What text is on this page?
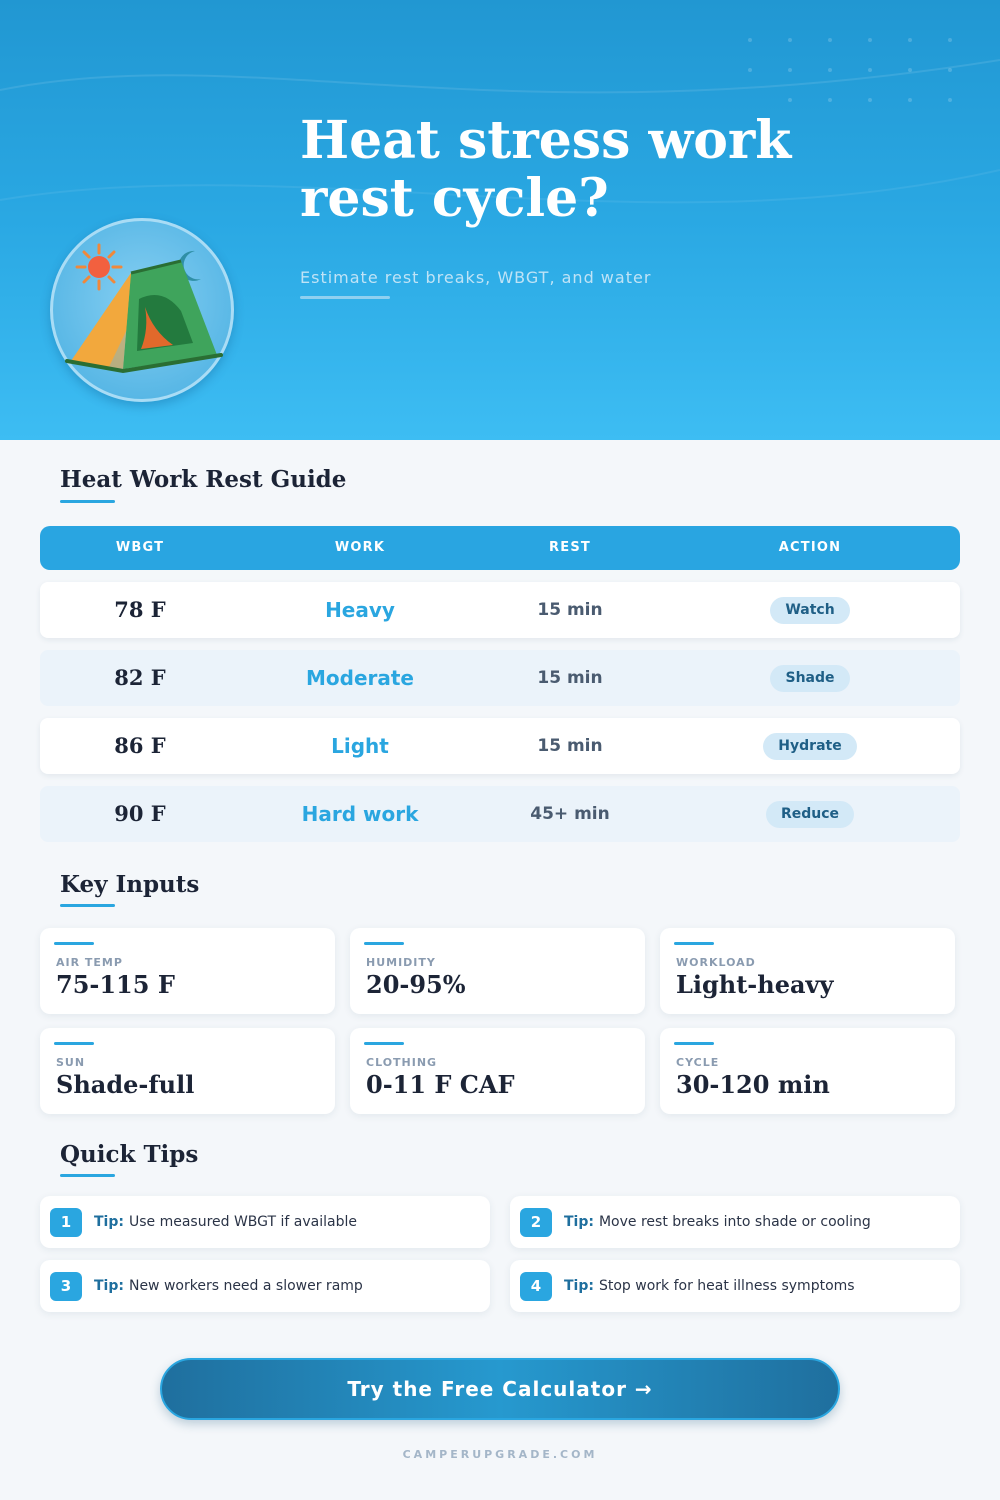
Heat stress work
rest cycle?
Estimate rest breaks, WBGT, and water
Heat Work Rest Guide
WBGT	WORK	REST	ACTION
78 F	Heavy	15 min	Watch
82 F	Moderate	15 min	Shade
86 F	Light	15 min	Hydrate
90 F	Hard work	45+ min	Reduce
Key Inputs
AIR TEMP
75-115 F
HUMIDITY
20-95%
WORKLOAD
Light-heavy
SUN
Shade-full
CLOTHING
0-11 F CAF
CYCLE
30-120 min
Quick Tips
1	Tip: Use measured WBGT if available	2	Tip: Move rest breaks into shade or cooling
3	Tip: New workers need a slower ramp	4	Tip: Stop work for heat illness symptoms
Try the Free Calculator →
CAMPERUPGRADE.COM
